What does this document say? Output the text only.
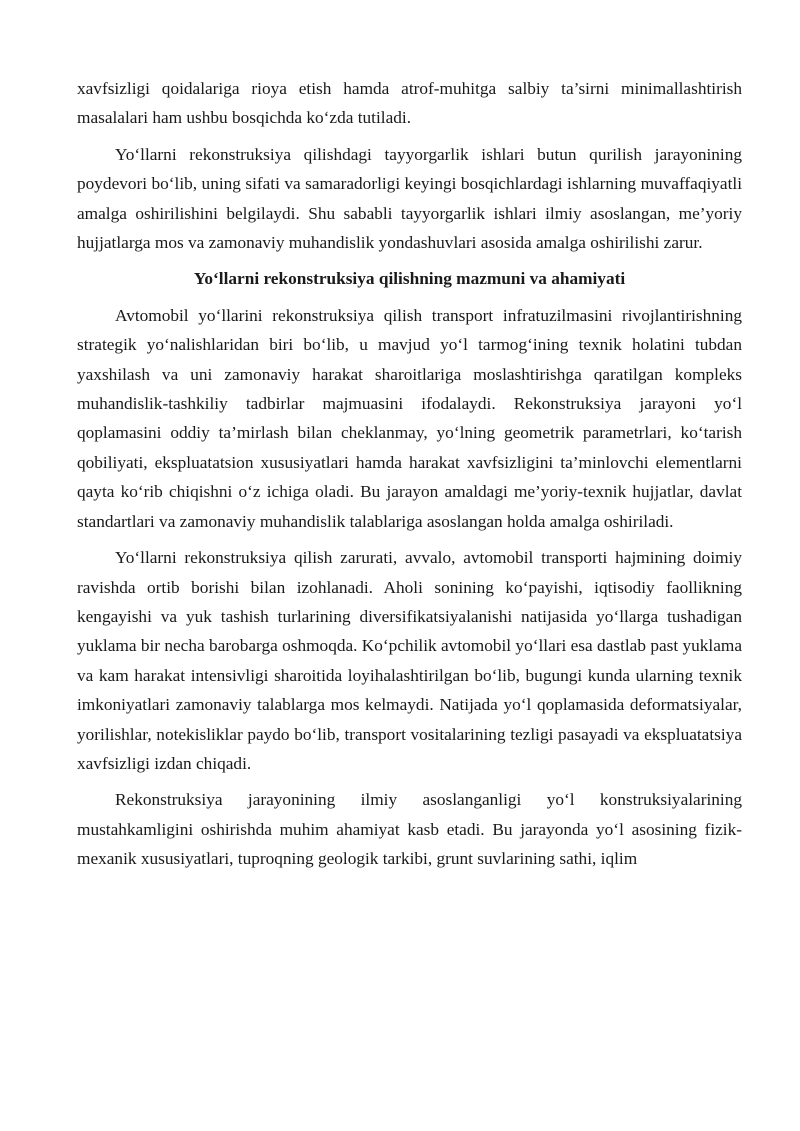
xavfsizligi qoidalariga rioya etish hamda atrof-muhitga salbiy ta’sirni minimallashtirish masalalari ham ushbu bosqichda ko‘zda tutiladi.

Yo‘llarni rekonstruksiya qilishdagi tayyorgarlik ishlari butun qurilish jarayonining poydevori bo‘lib, uning sifati va samaradorligi keyingi bosqichlardagi ishlarning muvaffaqiyatli amalga oshirilishini belgilaydi. Shu sababli tayyorgarlik ishlari ilmiy asoslangan, me’yoriy hujjatlarga mos va zamonaviy muhandislik yondashuvlari asosida amalga oshirilishi zarur.

Yo‘llarni rekonstruksiya qilishning mazmuni va ahamiyati

Avtomobil yo‘llarini rekonstruksiya qilish transport infratuzilmasini rivojlantirishning strategik yo‘nalishlaridan biri bo‘lib, u mavjud yo‘l tarmog‘ining texnik holatini tubdan yaxshilash va uni zamonaviy harakat sharoitlariga moslashtirishga qaratilgan kompleks muhandislik-tashkiliy tadbirlar majmuasini ifodalaydi. Rekonstruksiya jarayoni yo‘l qoplamasini oddiy ta’mirlash bilan cheklanmay, yo‘lning geometrik parametrlari, ko‘tarish qobiliyati, ekspluatatsion xususiyatlari hamda harakat xavfsizligini ta’minlovchi elementlarni qayta ko‘rib chiqishni o‘z ichiga oladi. Bu jarayon amaldagi me’yoriy-texnik hujjatlar, davlat standartlari va zamonaviy muhandislik talablariga asoslangan holda amalga oshiriladi.

Yo‘llarni rekonstruksiya qilish zarurati, avvalo, avtomobil transporti hajmining doimiy ravishda ortib borishi bilan izohlanadi. Aholi sonining ko‘payishi, iqtisodiy faollikning kengayishi va yuk tashish turlarining diversifikatsiyalanishi natijasida yo‘llarga tushadigan yuklama bir necha barobarga oshmoqda. Ko‘pchilik avtomobil yo‘llari esa dastlab past yuklama va kam harakat intensivligi sharoitida loyihalashtirilgan bo‘lib, bugungi kunda ularning texnik imkoniyatlari zamonaviy talablarga mos kelmaydi. Natijada yo‘l qoplamasida deformatsiyalar, yorilishlar, notekisliklar paydo bo‘lib, transport vositalarining tezligi pasayadi va ekspluatatsiya xavfsizligi izdan chiqadi.

Rekonstruksiya jarayonining ilmiy asoslanganligi yo‘l konstruksiyalarining mustahkamligini oshirishda muhim ahamiyat kasb etadi. Bu jarayonda yo‘l asosining fizik-mexanik xususiyatlari, tuproqning geologik tarkibi, grunt suvlarining sathi, iqlim
